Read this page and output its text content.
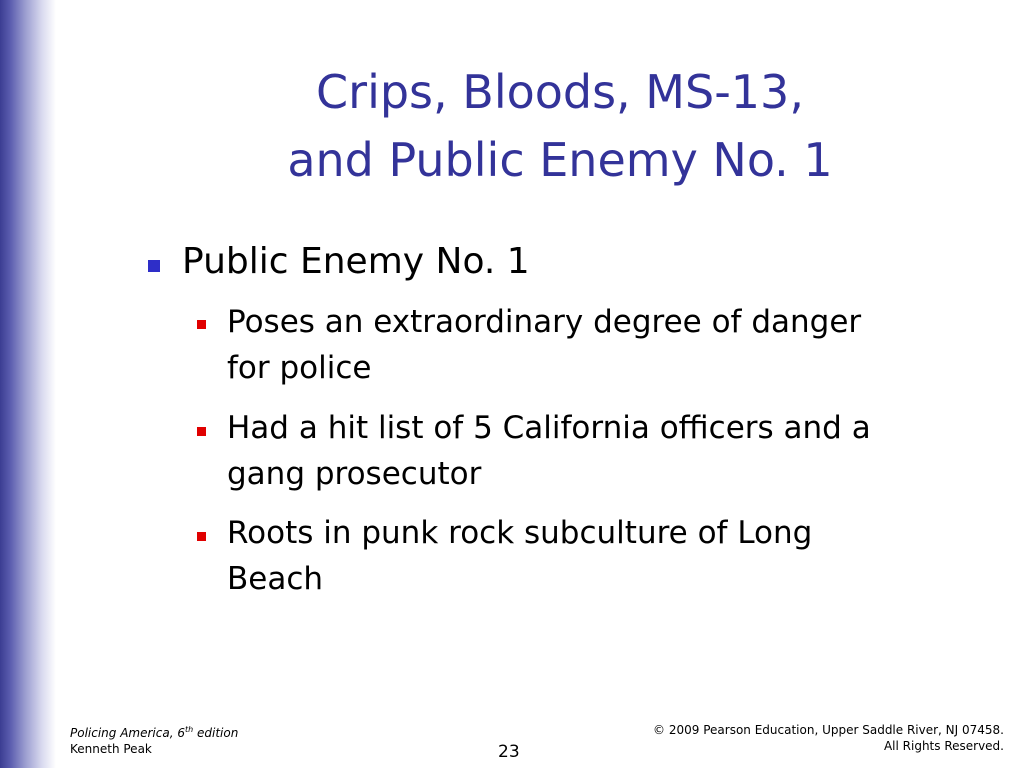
Crips, Bloods, MS-13,
and Public Enemy No. 1
Public Enemy No. 1
Poses an extraordinary degree of danger
for police
Had a hit list of 5 California officers and a
gang prosecutor
Roots in punk rock subculture of Long
Beach
Policing America, 6th edition
Kenneth Peak	23
© 2009 Pearson Education, Upper Saddle River, NJ 07458.
All Rights Reserved.
